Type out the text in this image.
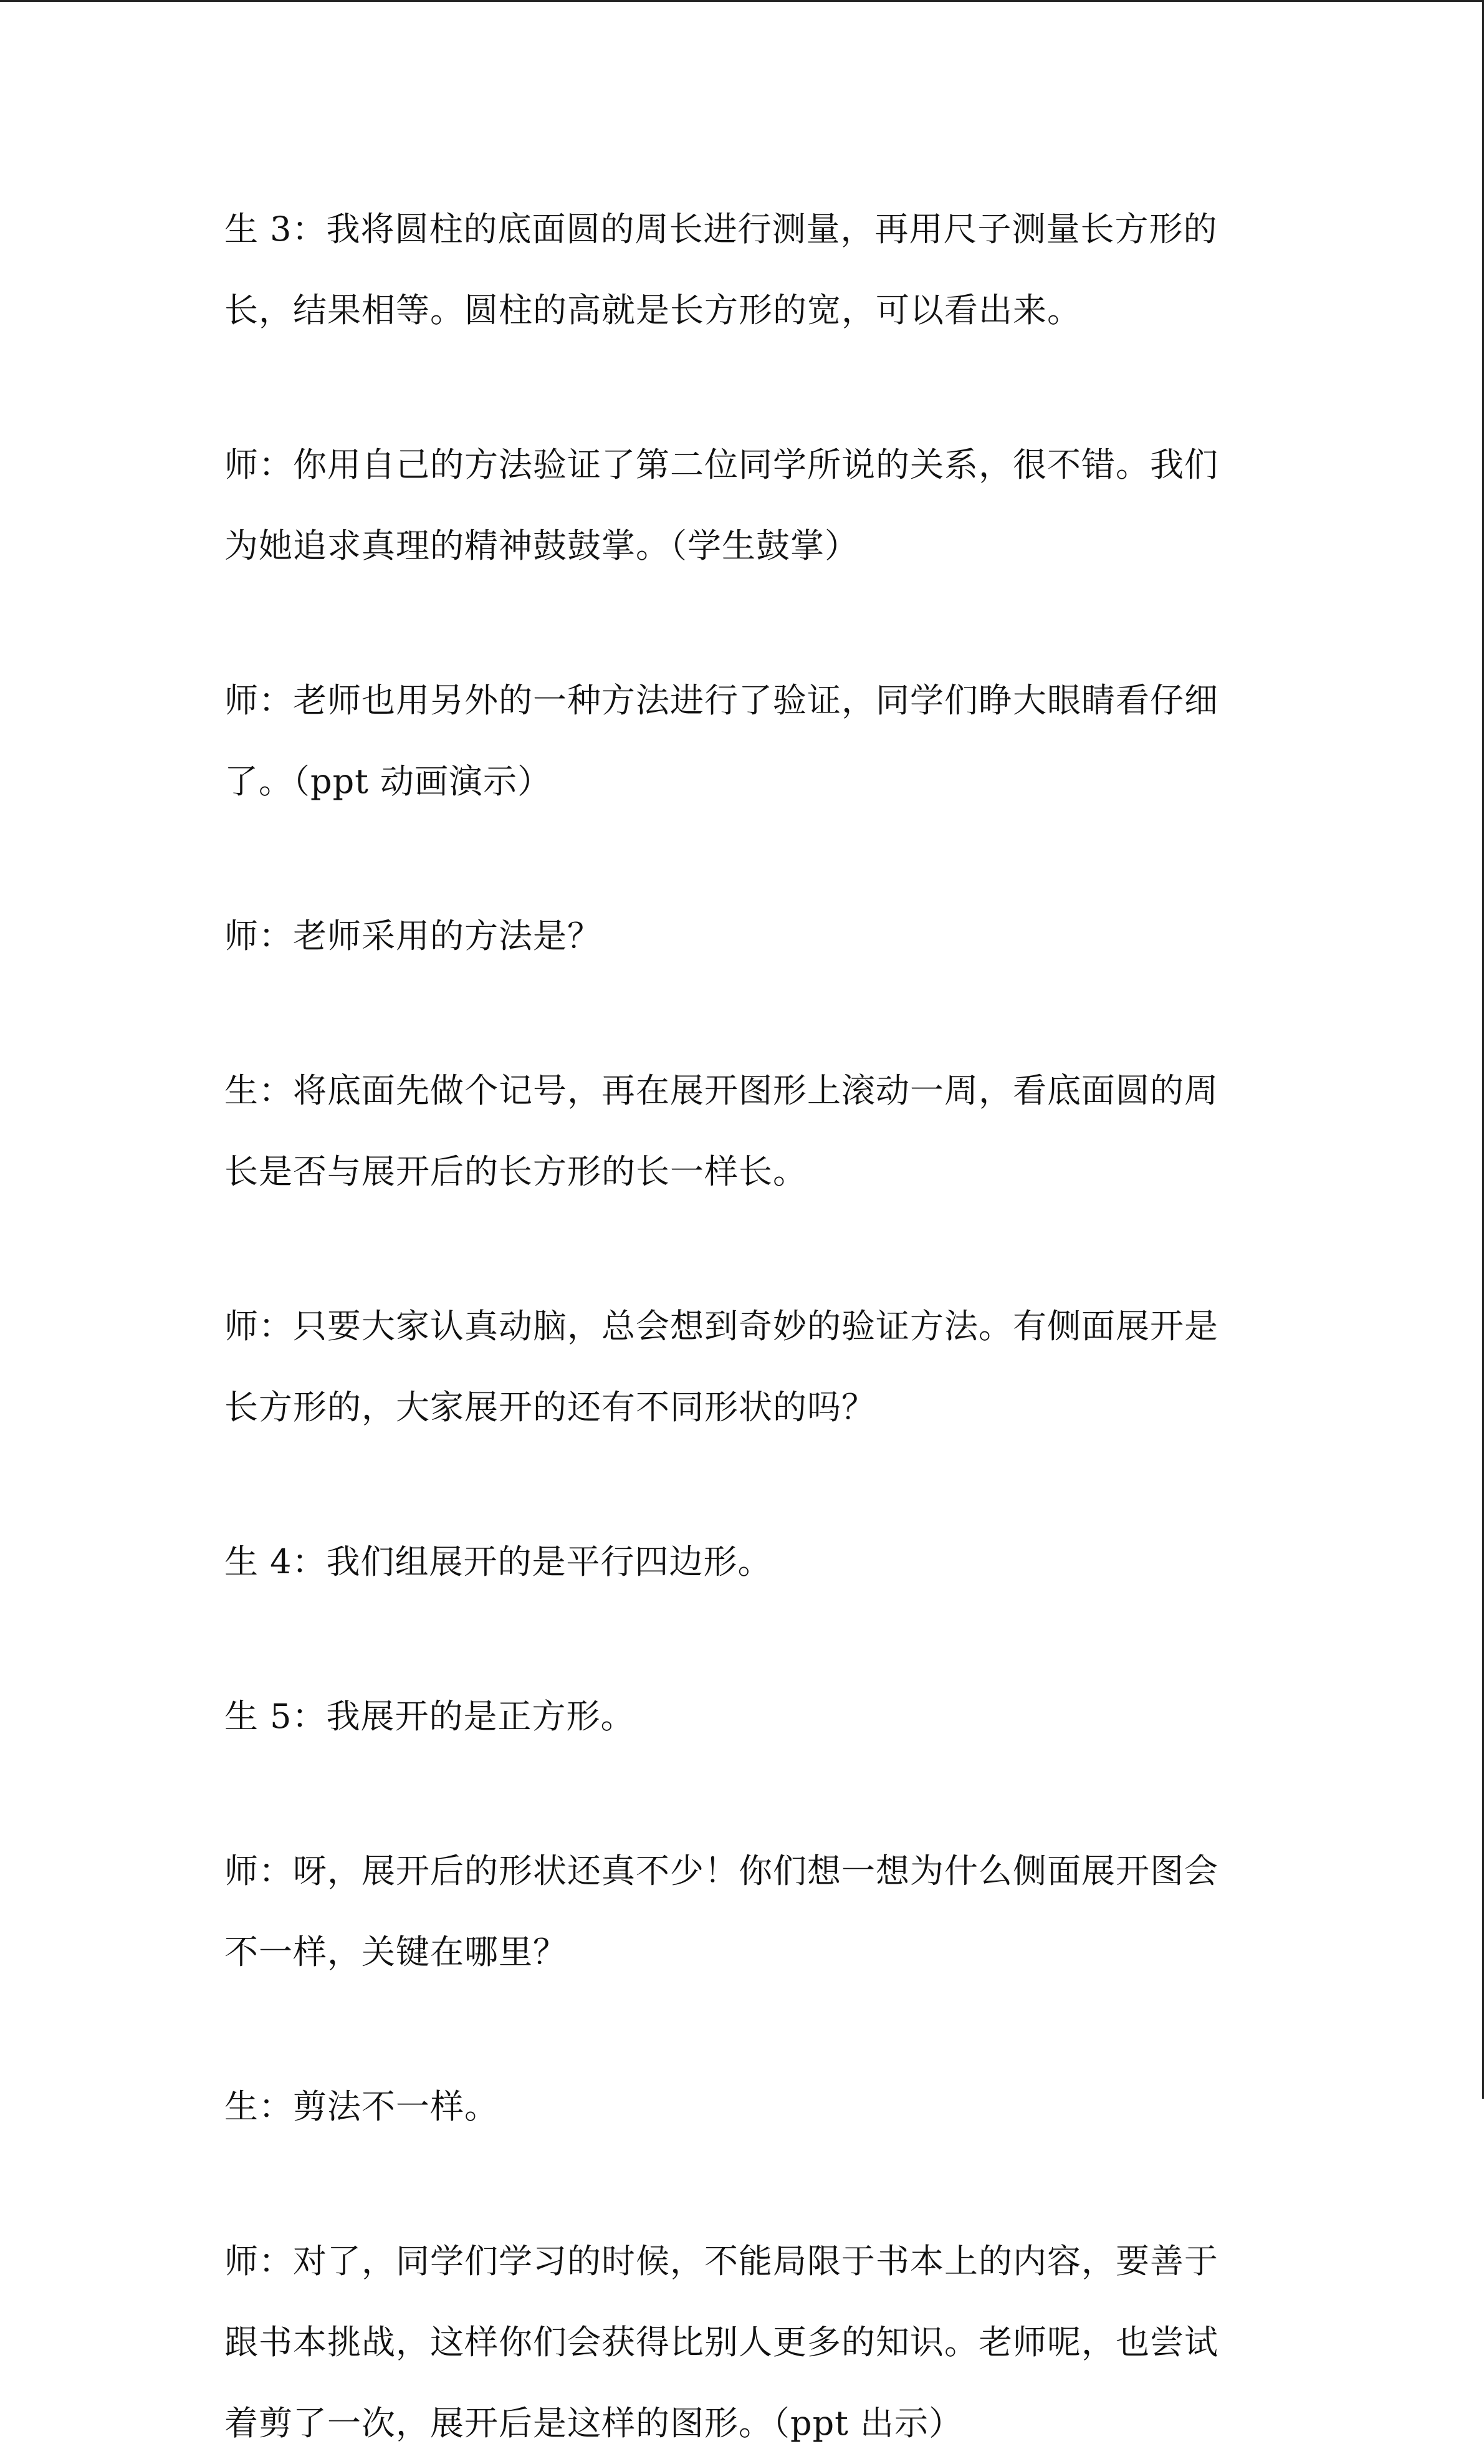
生 3：我将圆柱的底面圆的周长进行测量，再用尺子测量长方形的
长，结果相等。圆柱的高就是长方形的宽，可以看出来。

师：你用自己的方法验证了第二位同学所说的关系，很不错。我们
为她追求真理的精神鼓鼓掌。（学生鼓掌）

师：老师也用另外的一种方法进行了验证，同学们睁大眼睛看仔细
了。（ppt 动画演示）

师：老师采用的方法是？

生：将底面先做个记号，再在展开图形上滚动一周，看底面圆的周
长是否与展开后的长方形的长一样长。

师：只要大家认真动脑，总会想到奇妙的验证方法。有侧面展开是
长方形的，大家展开的还有不同形状的吗？

生 4：我们组展开的是平行四边形。

生 5：我展开的是正方形。

师：呀，展开后的形状还真不少！你们想一想为什么侧面展开图会
不一样，关键在哪里？

生：剪法不一样。

师：对了，同学们学习的时候，不能局限于书本上的内容，要善于
跟书本挑战，这样你们会获得比别人更多的知识。老师呢，也尝试
着剪了一次，展开后是这样的图形。（ppt 出示）
